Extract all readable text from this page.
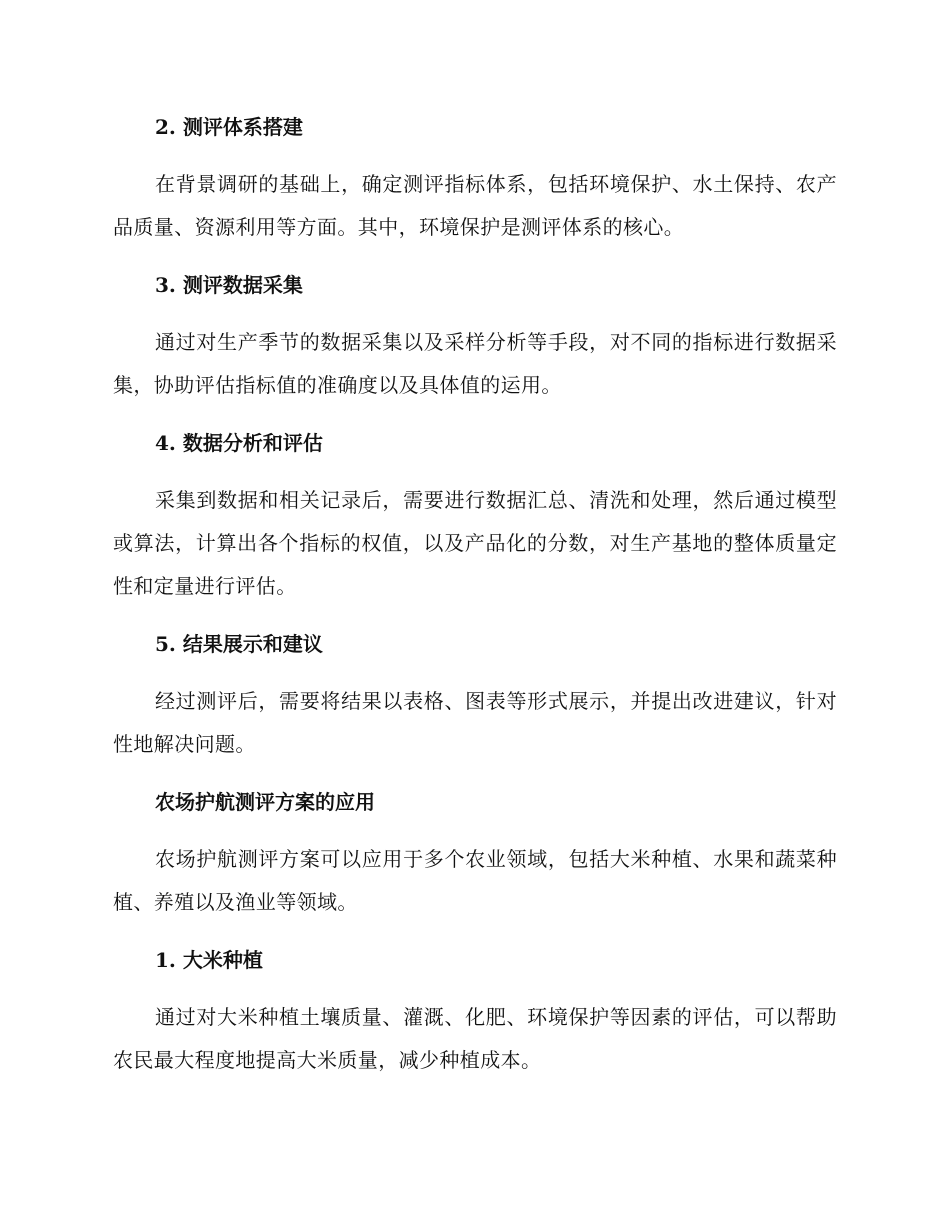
2. 测评体系搭建

在背景调研的基础上，确定测评指标体系，包括环境保护、水土保持、农产品质量、资源利用等方面。其中，环境保护是测评体系的核心。

3. 测评数据采集

通过对生产季节的数据采集以及采样分析等手段，对不同的指标进行数据采集，协助评估指标值的准确度以及具体值的运用。

4. 数据分析和评估

采集到数据和相关记录后，需要进行数据汇总、清洗和处理，然后通过模型或算法，计算出各个指标的权值，以及产品化的分数，对生产基地的整体质量定性和定量进行评估。

5. 结果展示和建议

经过测评后，需要将结果以表格、图表等形式展示，并提出改进建议，针对性地解决问题。

农场护航测评方案的应用

农场护航测评方案可以应用于多个农业领域，包括大米种植、水果和蔬菜种植、养殖以及渔业等领域。

1. 大米种植

通过对大米种植土壤质量、灌溉、化肥、环境保护等因素的评估，可以帮助农民最大程度地提高大米质量，减少种植成本。
